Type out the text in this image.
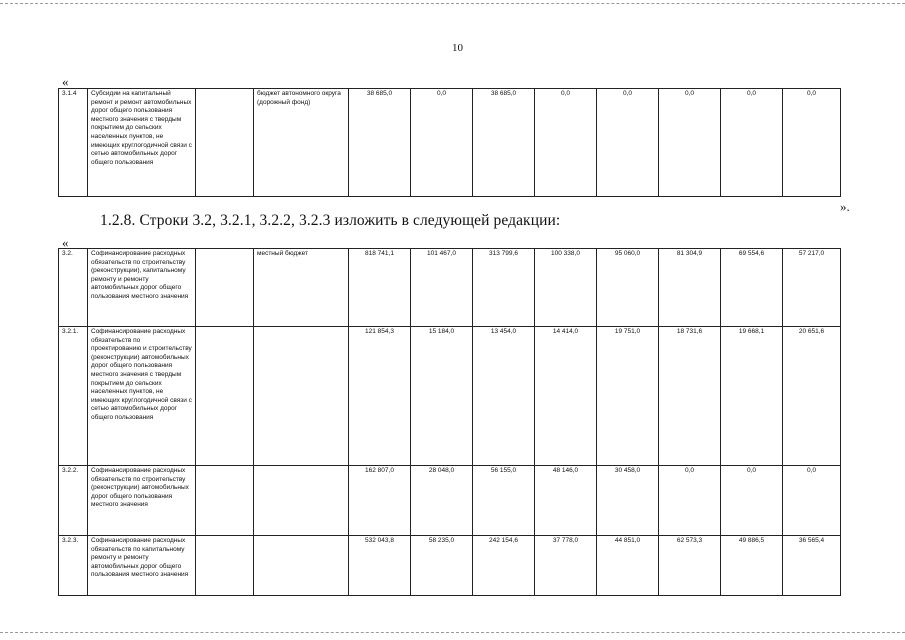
10
«
3.1.4	Субсидии на капитальный ремонт и ремонт автомобильных дорог общего пользования местного значения с твердым покрытием до сельских населенных пунктов, не имеющих круглогодичной связи с сетью автомобильных дорог общего пользования		бюджет автономного округа (дорожный фонд)	38 685,0	0,0	38 685,0	0,0	0,0	0,0	0,0	0,0
».
1.2.8. Строки 3.2, 3.2.1, 3.2.2, 3.2.3 изложить в следующей редакции:
«
3.2.	Софинансирование расходных обязательств по строительству (реконструкции), капитальному ремонту и ремонту автомобильных дорог общего пользования местного значения		местный бюджет	818 741,1	101 467,0	313 799,6	100 338,0	95 060,0	81 304,9	69 554,6	57 217,0
3.2.1.	Софинансирование расходных обязательств по проектированию и строительству (реконструкции) автомобильных дорог общего пользования местного значения с твердым покрытием до сельских населенных пунктов, не имеющих круглогодичной связи с сетью автомобильных дорог общего пользования			121 854,3	15 184,0	13 454,0	14 414,0	19 751,0	18 731,6	19 668,1	20 651,6
3.2.2.	Софинансирование расходных обязательств по строительству (реконструкции) автомобильных дорог общего пользования местного значения			162 807,0	28 048,0	56 155,0	48 146,0	30 458,0	0,0	0,0	0,0
3.2.3.	Софинансирование расходных обязательств по капитальному ремонту и ремонту автомобильных дорог общего пользования местного значения			532 043,8	58 235,0	242 154,6	37 778,0	44 851,0	62 573,3	49 886,5	36 565,4
